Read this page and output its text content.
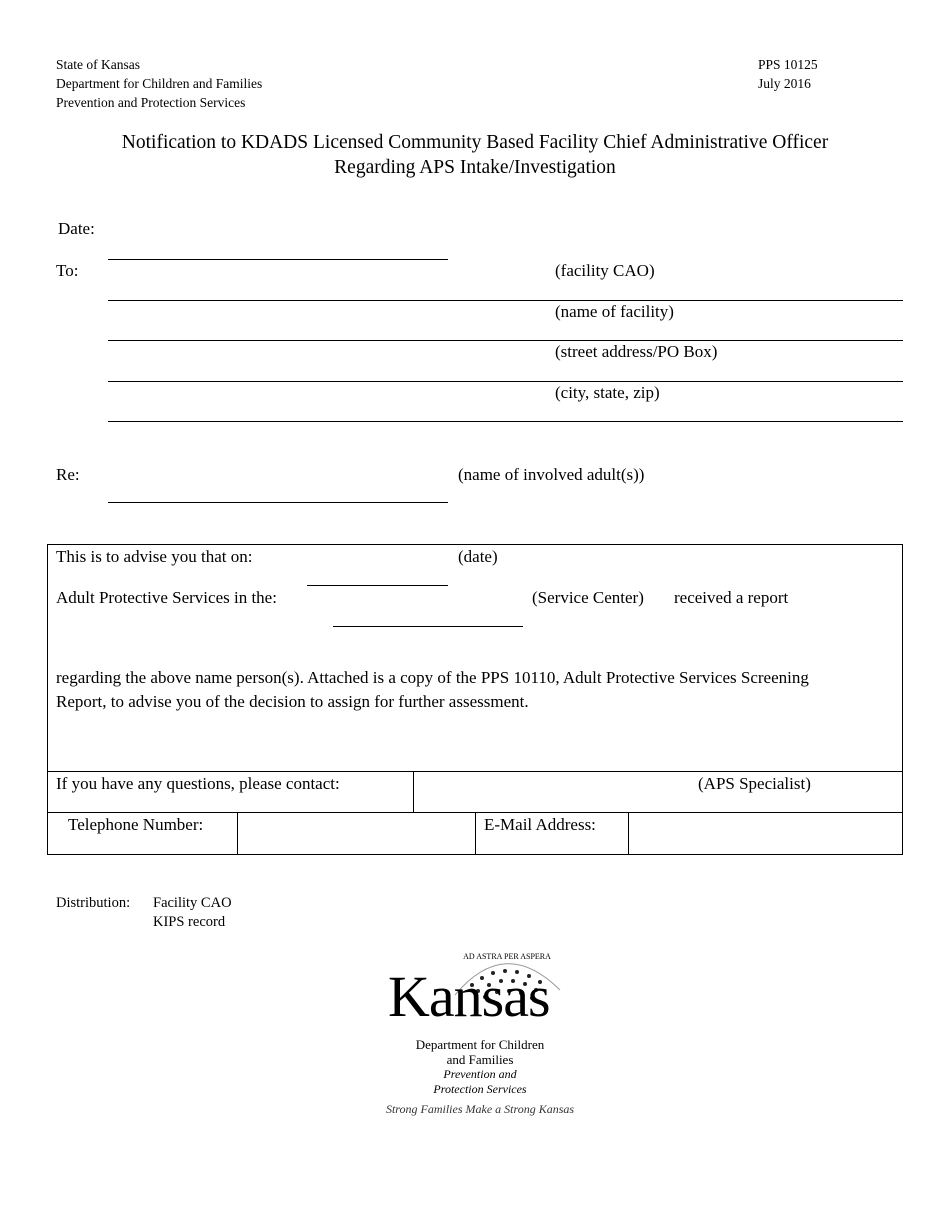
State of Kansas
Department for Children and Families
Prevention and Protection Services
PPS 10125
July 2016
Notification to KDADS Licensed Community Based Facility Chief Administrative Officer
Regarding APS Intake/Investigation
Date:
To:	(facility CAO)
(name of facility)
(street address/PO Box)
(city, state, zip)
Re:	(name of involved adult(s))
This is to advise you that on:	(date)
Adult Protective Services in the:	(Service Center) received a report
regarding the above name person(s). Attached is a copy of the PPS 10110, Adult Protective Services Screening
Report, to advise you of the decision to assign for further assessment.
If you have any questions, please contact:	(APS Specialist)
Telephone Number:	E-Mail Address:
Distribution: Facility CAO
KIPS record
AD ASTRA PER ASPERA
Kansas
Department for Children
and Families
Prevention and
Protection Services
Strong Families Make a Strong Kansas
